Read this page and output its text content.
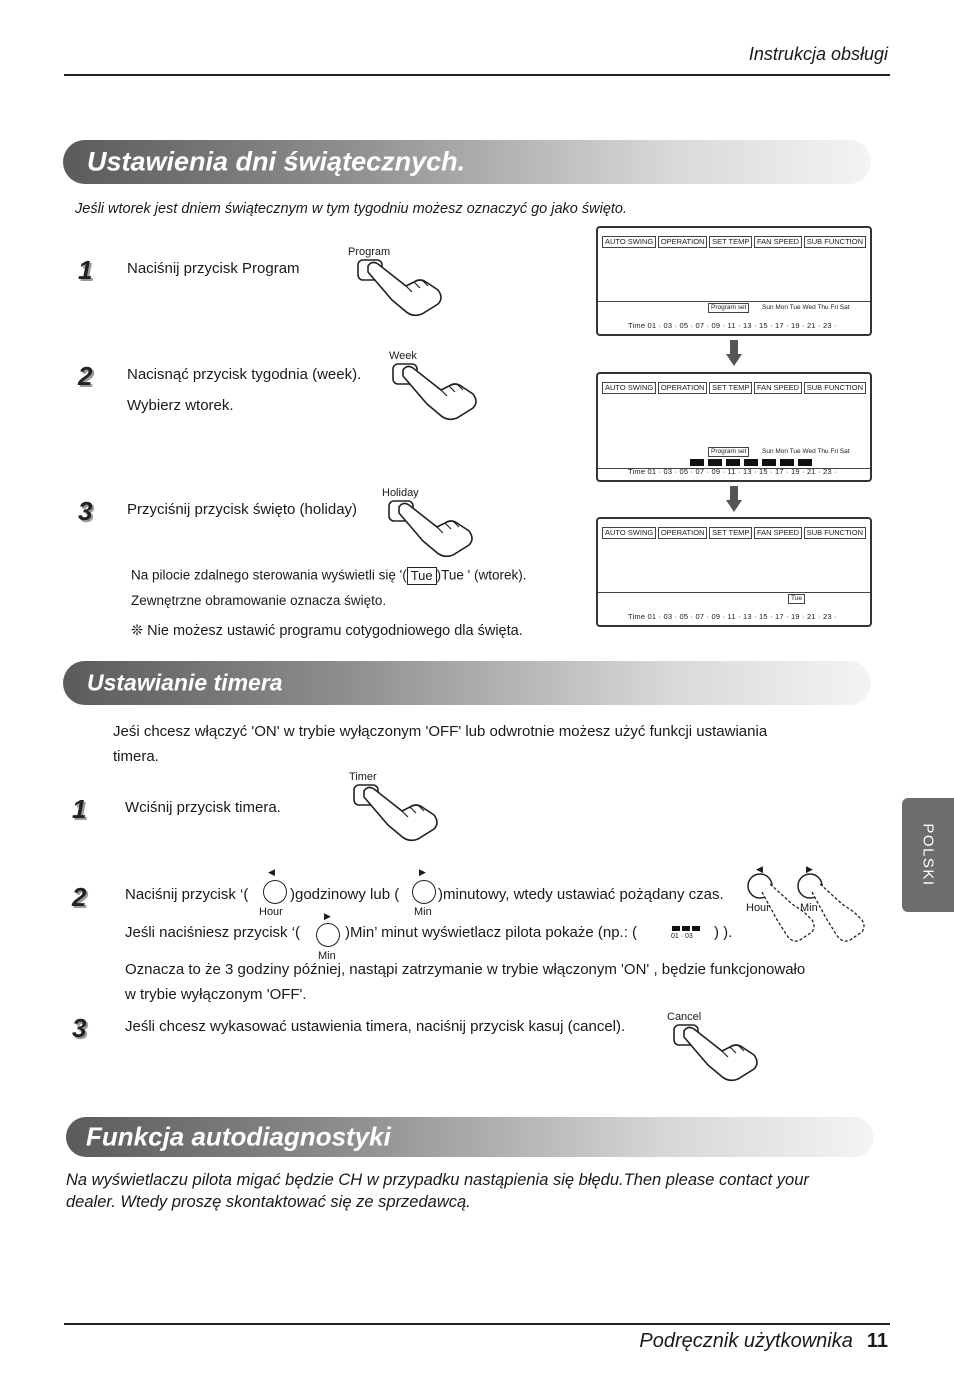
Instrukcja obsługi
Ustawienia dni świątecznych.
Jeśli wtorek jest dniem świątecznym w tym tygodniu możesz oznaczyć go jako święto.
1 Naciśnij przycisk Program
Program
2 Nacisnąć przycisk tygodnia (week).
Wybierz wtorek.
Week
3 Przyciśnij przycisk święto (holiday)
Holiday
Na pilocie zdalnego sterowania wyświetli się '( Tue )Tue ' (wtorek).
Zewnętrzne obramowanie oznacza święto.
❊ Nie możesz ustawić programu cotygodniowego dla święta.
AUTO SWING	OPERATION	SET TEMP	FAN SPEED	SUB FUNCTION
Program set	Sun Mon Tue Wed Thu Fri Sat
Time 01 · 03 · 05 · 07 · 09 · 11 · 13 · 15 · 17 · 19 · 21 · 23 ·
AUTO SWING	OPERATION	SET TEMP	FAN SPEED	SUB FUNCTION
Program set	Sun Mon Tue Wed Thu Fri Sat
Time 01 · 03 · 05 · 07 · 09 · 11 · 13 · 15 · 17 · 19 · 21 · 23 ·
AUTO SWING	OPERATION	SET TEMP	FAN SPEED	SUB FUNCTION
Tue
Time 01 · 03 · 05 · 07 · 09 · 11 · 13 · 15 · 17 · 19 · 21 · 23 ·
Ustawianie timera
Jeśi chcesz włączyć 'ON' w trybie wyłączonym 'OFF' lub odwrotnie możesz użyć funkcji ustawiania
timera.
1	Wciśnij przycisk timera.
Timer
2	Naciśnij przycisk ‘(
◀
Hour
)godzinowy lub (
▶
Min
)minutowy, wtedy ustawiać pożądany czas.
Jeśli naciśniesz przycisk ‘(
▶
Min
)Min’ minut wyświetlacz pilota pokaże (np.: (	01 · 03 ) ).
Oznacza to że 3 godziny później, nastąpi zatrzymanie w trybie włączonym 'ON' , będzie funkcjonowało
w trybie wyłączonym 'OFF'.
◀	▶
Hour	Min
3	Jeśli chcesz wykasować ustawienia timera, naciśnij przycisk kasuj (cancel).
Cancel
Funkcja autodiagnostyki
Na wyświetlaczu pilota migać będzie CH w przypadku nastąpienia się błędu.Then please contact your
dealer. Wtedy proszę skontaktować się ze sprzedawcą.
POLSKI
Podręcznik użytkownika 11
